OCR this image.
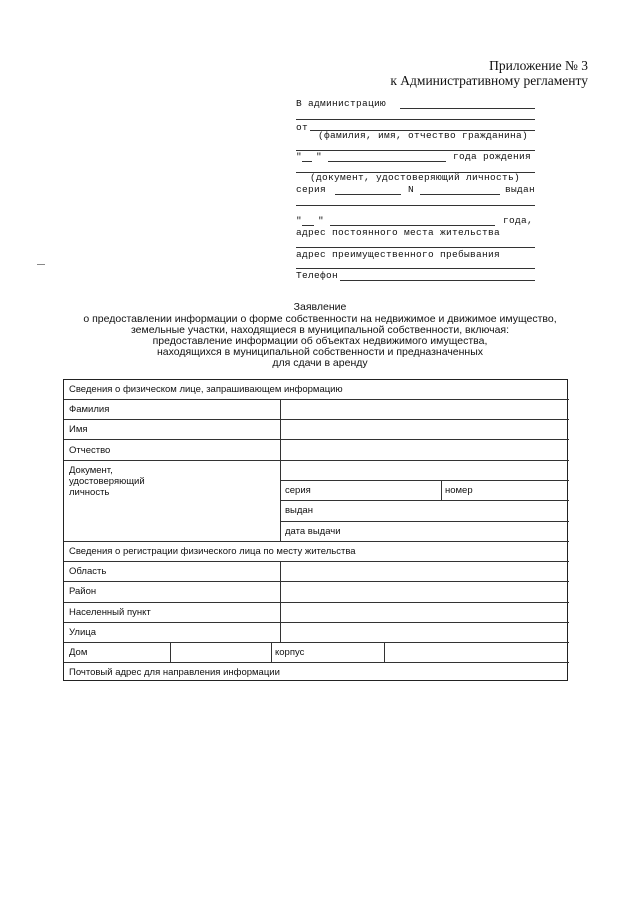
Приложение № 3
к Административному регламенту
В администрацию
от
(фамилия, имя, отчество гражданина)
" "	года рождения
(документ, удостоверяющий личность)
серия	N	выдан
" "	года,
адрес постоянного места жительства
адрес преимущественного пребывания
Телефон
Заявление
о предоставлении информации о форме собственности на недвижимое и движимое имущество,
земельные участки, находящиеся в муниципальной собственности, включая:
предоставление информации об объектах недвижимого имущества,
находящихся в муниципальной собственности и предназначенных
для сдачи в аренду
Сведения о физическом лице, запрашивающем информацию
Фамилия
Имя
Отчество
Документ,
удостоверяющий
личность	серия	номер
выдан
дата выдачи
Сведения о регистрации физического лица по месту жительства
Область
Район
Населенный пункт
Улица
Дом	корпус
Почтовый адрес для направления информации
